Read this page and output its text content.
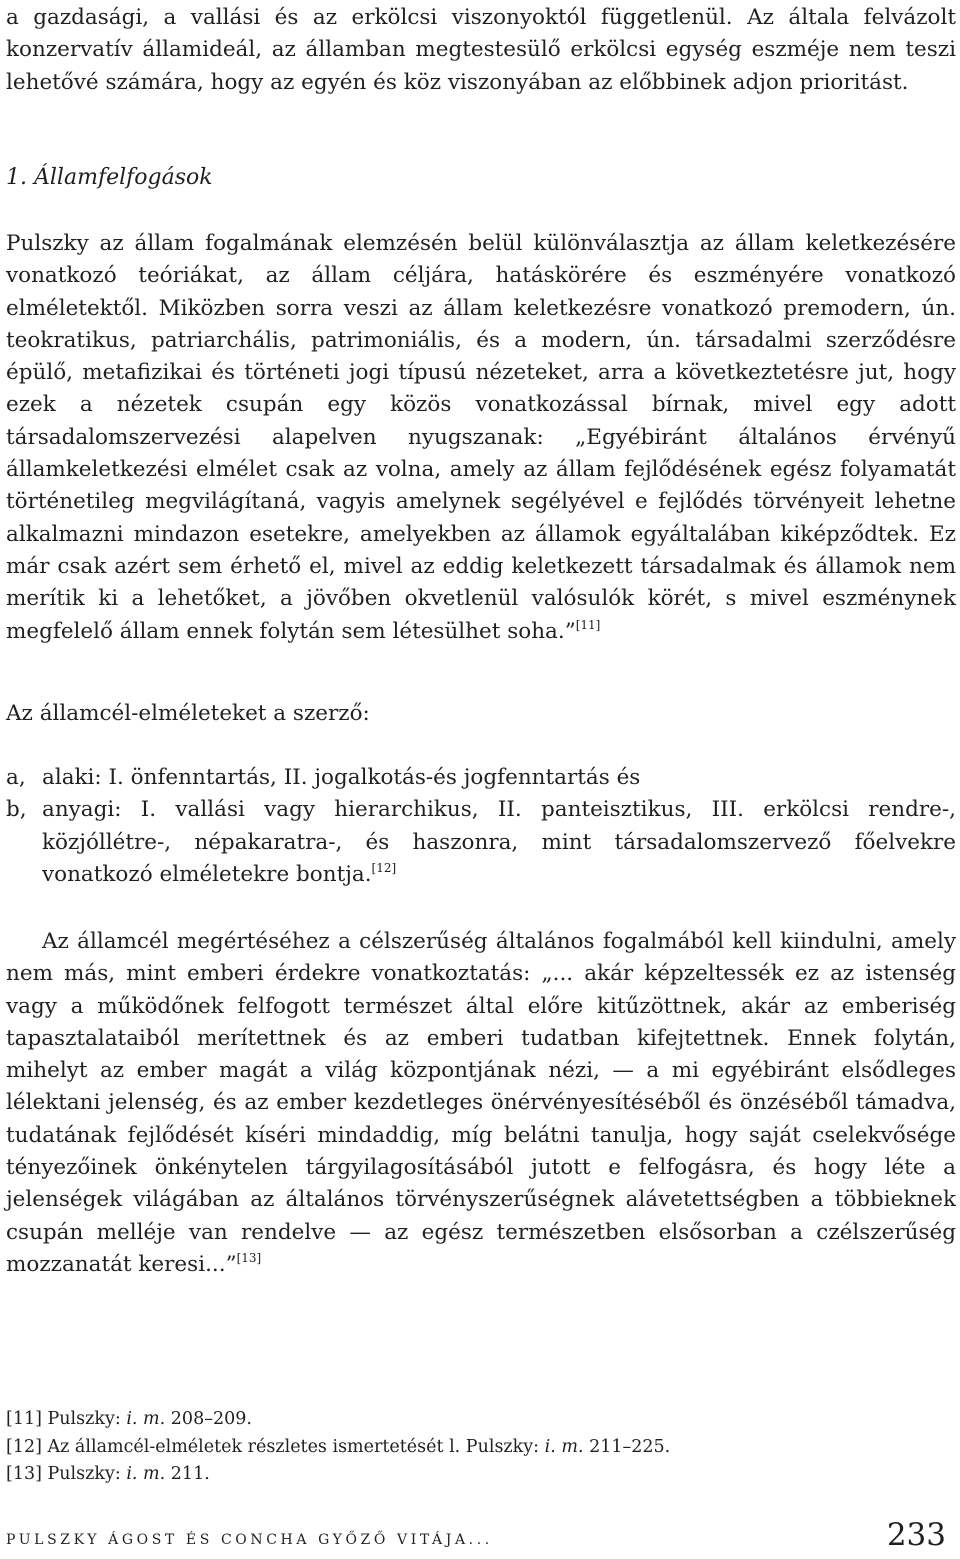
a gazdasági, a vallási és az erkölcsi viszonyoktól függetlenül. Az általa felvázolt konzervatív államideál, az államban megtestesülő erkölcsi egység eszméje nem teszi lehetővé számára, hogy az egyén és köz viszonyában az előbbinek adjon prioritást.

1. Államfelfogások

Pulszky az állam fogalmának elemzésén belül különválasztja az állam keletkezésére vonatkozó teóriákat, az állam céljára, hatáskörére és eszményére vonatkozó elméletektől. Miközben sorra veszi az állam keletkezésre vonatkozó premodern, ún. teokratikus, patriarchális, patrimoniális, és a modern, ún. társadalmi szerződésre épülő, metafizikai és történeti jogi típusú nézeteket, arra a következtetésre jut, hogy ezek a nézetek csupán egy közös vonatkozással bírnak, mivel egy adott társadalomszervezési alapelven nyugszanak: „Egyébiránt általános érvényű államkeletkezési elmélet csak az volna, amely az állam fejlődésének egész folyamatát történetileg megvilágítaná, vagyis amelynek segélyével e fejlődés törvényeit lehetne alkalmazni mindazon esetekre, amelyekben az államok egyáltalában kiképződtek. Ez már csak azért sem érhető el, mivel az eddig keletkezett társadalmak és államok nem merítik ki a lehetőket, a jövőben okvetlenül valósulók körét, s mivel eszménynek megfelelő állam ennek folytán sem létesülhet soha.”[11]

Az államcél-elméleteket a szerző:

a, alaki: I. önfenntartás, II. jogalkotás-és jogfenntartás és
b, anyagi: I. vallási vagy hierarchikus, II. panteisztikus, III. erkölcsi rendre-, közjóllétre-, népakaratra-, és haszonra, mint társadalomszervező főelvekre vonatkozó elméletekre bontja.[12]

Az államcél megértéséhez a célszerűség általános fogalmából kell kiindulni, amely nem más, mint emberi érdekre vonatkoztatás: „... akár képzeltessék ez az istenség vagy a működőnek felfogott természet által előre kitűzöttnek, akár az emberiség tapasztalataiból merítettnek és az emberi tudatban kifejtettnek. Ennek folytán, mihelyt az ember magát a világ központjának nézi, — a mi egyébiránt elsődleges lélektani jelenség, és az ember kezdetleges önérvényesítéséből és önzéséből támadva, tudatának fejlődését kíséri mindaddig, míg belátni tanulja, hogy saját cselekvősége tényezőinek önkénytelen tárgyilagosításából jutott e felfogásra, és hogy léte a jelenségek világában az általános törvényszerűségnek alávetettségben a többieknek csupán melléje van rendelve — az egész természetben elsősorban a czélszerűség mozzanatát keresi...”[13]

[11] Pulszky: i. m. 208–209.
[12] Az államcél-elméletek részletes ismertetését l. Pulszky: i. m. 211–225.
[13] Pulszky: i. m. 211.
PULSZKY ÁGOST ÉS CONCHA GYŐZŐ VITÁJA...	233
